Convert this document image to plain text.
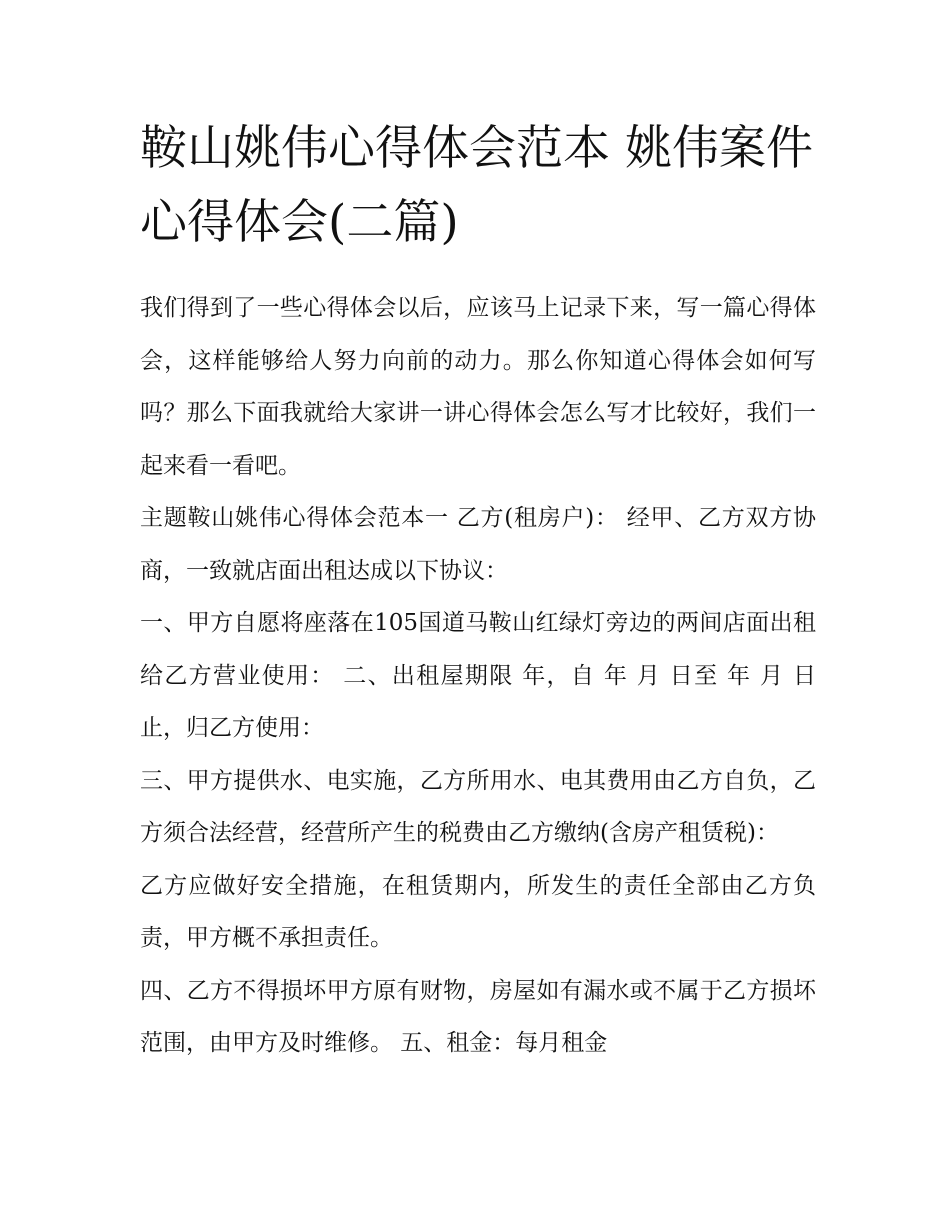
鞍山姚伟心得体会范本 姚伟案件心得体会(二篇)

我们得到了一些心得体会以后，应该马上记录下来，写一篇心得体会，这样能够给人努力向前的动力。那么你知道心得体会如何写吗？那么下面我就给大家讲一讲心得体会怎么写才比较好，我们一起来看一看吧。

主题鞍山姚伟心得体会范本一 乙方(租房户)： 经甲、乙方双方协商，一致就店面出租达成以下协议：

一、甲方自愿将座落在105国道马鞍山红绿灯旁边的两间店面出租给乙方营业使用： 二、出租屋期限 年，自 年 月 日至 年 月 日止，归乙方使用：

三、甲方提供水、电实施，乙方所用水、电其费用由乙方自负，乙方须合法经营，经营所产生的税费由乙方缴纳(含房产租赁税)：

乙方应做好安全措施，在租赁期内，所发生的责任全部由乙方负责，甲方概不承担责任。

四、乙方不得损坏甲方原有财物，房屋如有漏水或不属于乙方损坏范围，由甲方及时维修。 五、租金：每月租金
